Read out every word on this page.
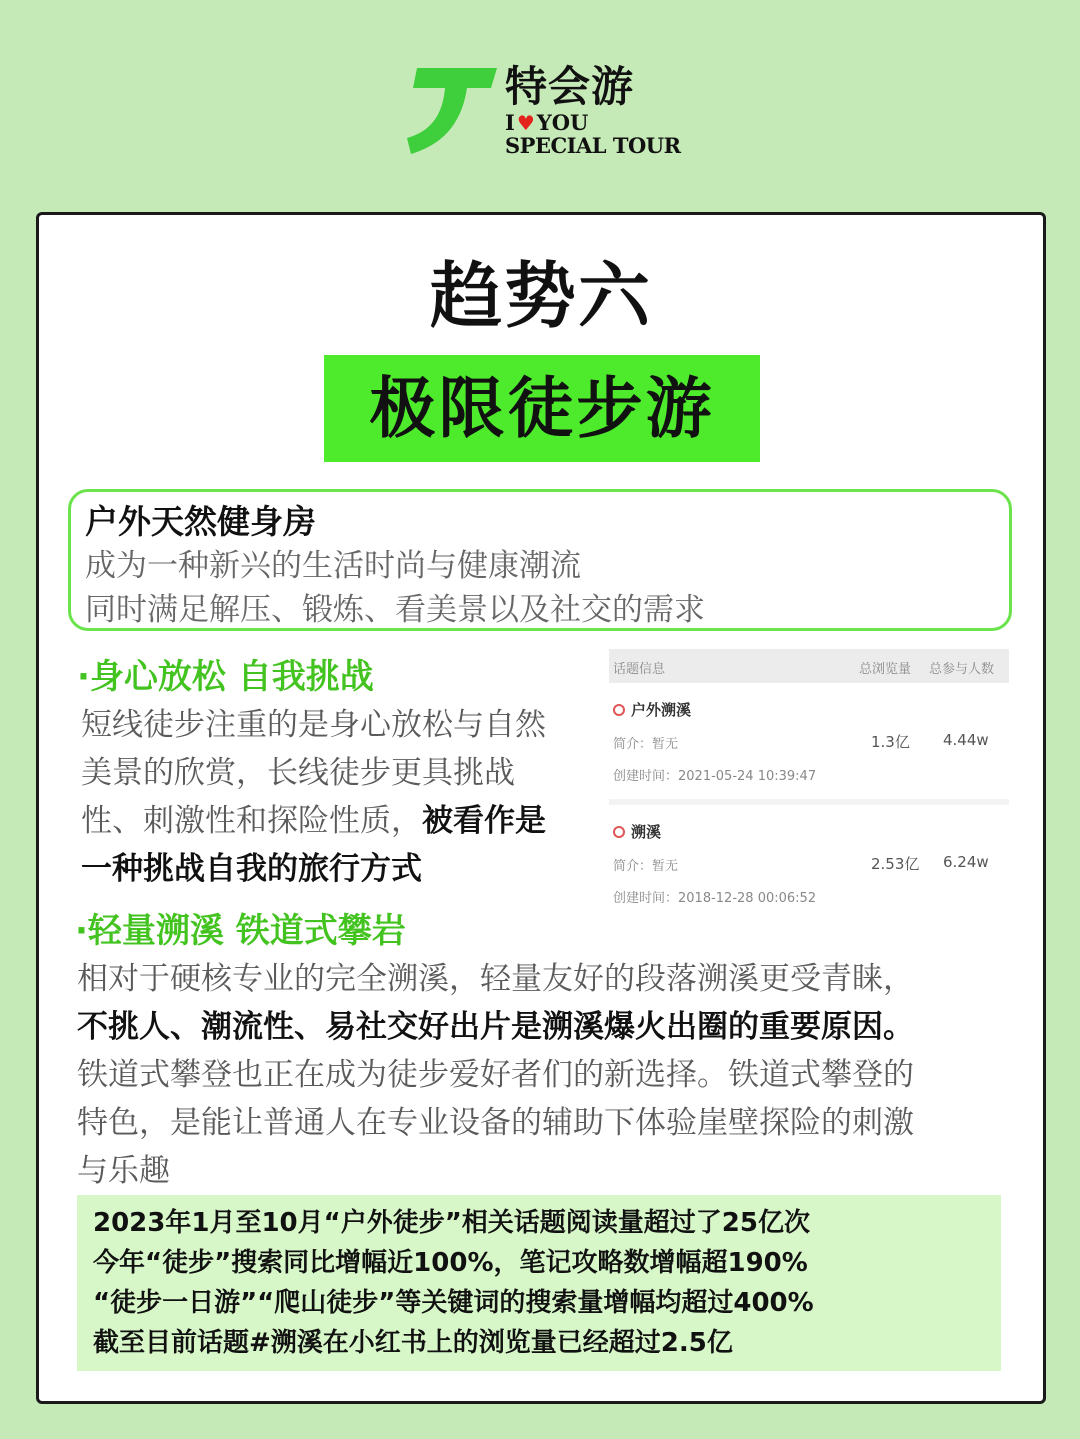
特会游
I ♥ YOU
SPECIAL TOUR
趋势六
极限徒步游
户外天然健身房
成为一种新兴的生活时尚与健康潮流
同时满足解压、锻炼、看美景以及社交的需求
·身心放松 自我挑战
短线徒步注重的是身心放松与自然
美景的欣赏，长线徒步更具挑战
性、刺激性和探险性质，被看作是
一种挑战自我的旅行方式
话题信息	总浏览量 总参与人数
户外溯溪
简介：暂无
创建时间：2021-05-24 10:39:47
1.3亿 4.44w
溯溪
简介：暂无
创建时间：2018-12-28 00:06:52
2.53亿 6.24w
·轻量溯溪 铁道式攀岩
相对于硬核专业的完全溯溪，轻量友好的段落溯溪更受青睐，
不挑人、潮流性、易社交好出片是溯溪爆火出圈的重要原因。
铁道式攀登也正在成为徒步爱好者们的新选择。铁道式攀登的
特色，是能让普通人在专业设备的辅助下体验崖壁探险的刺激
与乐趣
2023年1月至10月“户外徒步”相关话题阅读量超过了25亿次
今年“徒步”搜索同比增幅近100%，笔记攻略数增幅超190%
“徒步一日游”“爬山徒步”等关键词的搜索量增幅均超过400%
截至目前话题#溯溪在小红书上的浏览量已经超过2.5亿
